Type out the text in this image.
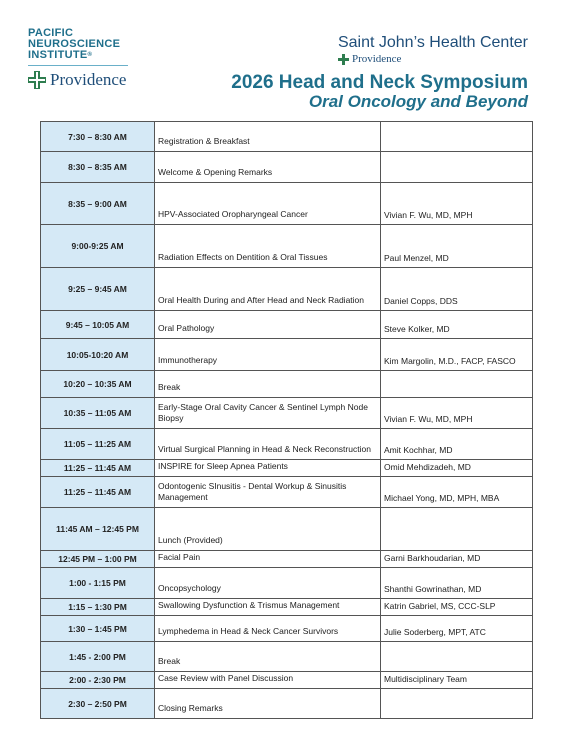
PACIFIC
NEUROSCIENCE
INSTITUTE®
Providence
Saint John’s Health Center
Providence
2026 Head and Neck Symposium
Oral Oncology and Beyond
7:30 – 8:30 AM	Registration & Breakfast	
8:30 – 8:35 AM	Welcome & Opening Remarks	
8:35 – 9:00 AM	HPV-Associated Oropharyngeal Cancer	Vivian F. Wu, MD, MPH
9:00-9:25 AM	Radiation Effects on Dentition & Oral Tissues	Paul Menzel, MD
9:25 – 9:45 AM	Oral Health During and After Head and Neck Radiation	Daniel Copps, DDS
9:45 – 10:05 AM	Oral Pathology	Steve Kolker, MD
10:05-10:20 AM	Immunotherapy	Kim Margolin, M.D., FACP, FASCO
10:20 – 10:35 AM	Break	
10:35 – 11:05 AM	Early-Stage Oral Cavity Cancer & Sentinel Lymph Node Biopsy	Vivian F. Wu, MD, MPH
11:05 – 11:25 AM	Virtual Surgical Planning in Head & Neck Reconstruction	Amit Kochhar, MD
11:25 – 11:45 AM	INSPIRE for Sleep Apnea Patients	Omid Mehdizadeh, MD
11:25 – 11:45 AM	Odontogenic SInusitis - Dental Workup & Sinusitis Management	Michael Yong, MD, MPH, MBA
11:45 AM – 12:45 PM	Lunch (Provided)	
12:45 PM – 1:00 PM	Facial Pain	Garni Barkhoudarian, MD
1:00 - 1:15 PM	Oncopsychology	Shanthi Gowrinathan, MD
1:15 – 1:30 PM	Swallowing Dysfunction & Trismus Management	Katrin Gabriel, MS, CCC-SLP
1:30 – 1:45 PM	Lymphedema in Head & Neck Cancer Survivors	Julie Soderberg, MPT, ATC
1:45 - 2:00 PM	Break	
2:00 - 2:30 PM	Case Review with Panel Discussion	Multidisciplinary Team
2:30 – 2:50 PM	Closing Remarks	
